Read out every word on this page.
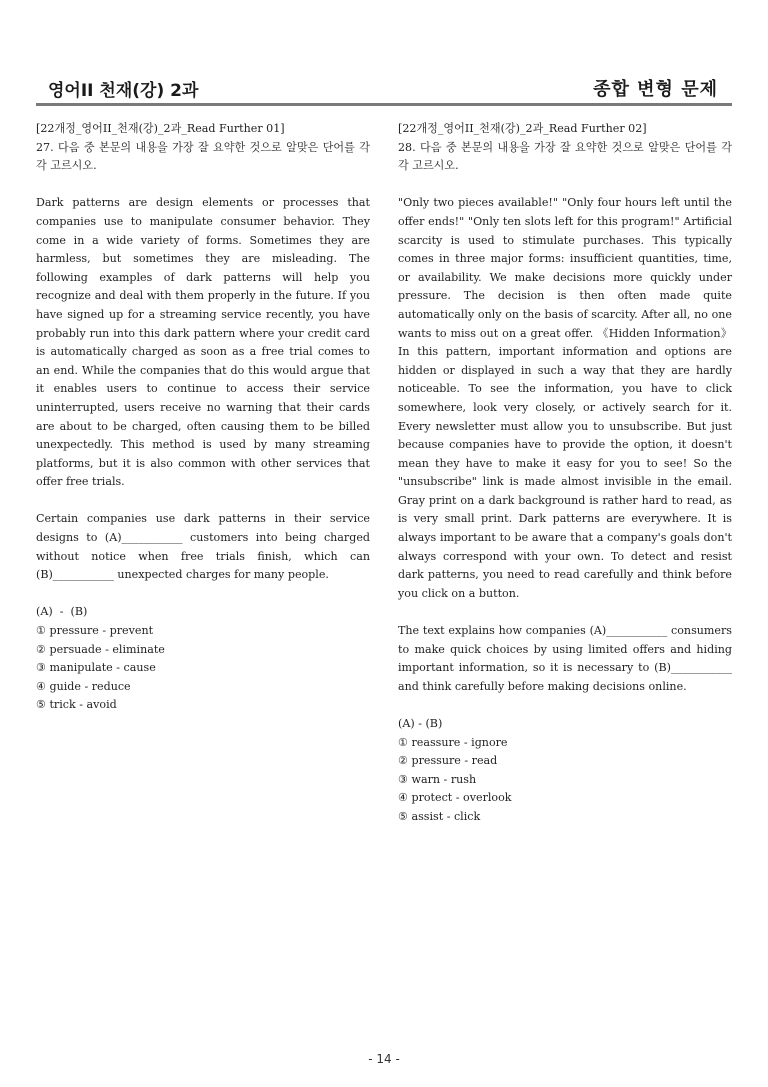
영어II 천재(강) 2과	종합 변형 문제

[22개정_영어II_천재(강)_2과_Read Further 01]

27. 다음 중 본문의 내용을 가장 잘 요약한 것으로 알맞은 단어를 각각 고르시오.

Dark patterns are design elements or processes that companies use to manipulate consumer behavior. They come in a wide variety of forms. Sometimes they are harmless, but sometimes they are misleading. The following examples of dark patterns will help you recognize and deal with them properly in the future. If you have signed up for a streaming service recently, you have probably run into this dark pattern where your credit card is automatically charged as soon as a free trial comes to an end. While the companies that do this would argue that it enables users to continue to access their service uninterrupted, users receive no warning that their cards are about to be charged, often causing them to be billed unexpectedly. This method is used by many streaming platforms, but it is also common with other services that offer free trials.

Certain companies use dark patterns in their service designs to (A)___________ customers into being charged without notice when free trials finish, which can (B)___________ unexpected charges for many people.

(A)  -  (B)

① pressure - prevent

② persuade - eliminate

③ manipulate - cause

④ guide - reduce

⑤ trick - avoid

[22개정_영어II_천재(강)_2과_Read Further 02]

28. 다음 중 본문의 내용을 가장 잘 요약한 것으로 알맞은 단어를 각각 고르시오.

"Only two pieces available!" "Only four hours left until the offer ends!" "Only ten slots left for this program!" Artificial scarcity is used to stimulate purchases. This typically comes in three major forms: insufficient quantities, time, or availability. We make decisions more quickly under pressure. The decision is then often made quite automatically only on the basis of scarcity. After all, no one wants to miss out on a great offer. 《Hidden Information》 In this pattern, important information and options are hidden or displayed in such a way that they are hardly noticeable. To see the information, you have to click somewhere, look very closely, or actively search for it. Every newsletter must allow you to unsubscribe. But just because companies have to provide the option, it doesn't mean they have to make it easy for you to see! So the "unsubscribe" link is made almost invisible in the email. Gray print on a dark background is rather hard to read, as is very small print. Dark patterns are everywhere. It is always important to be aware that a company's goals don't always correspond with your own. To detect and resist dark patterns, you need to read carefully and think before you click on a button.

The text explains how companies (A)___________ consumers to make quick choices by using limited offers and hiding important information, so it is necessary to (B)___________ and think carefully before making decisions online.

(A) - (B)

① reassure - ignore

② pressure - read

③ warn - rush

④ protect - overlook

⑤ assist - click

- 14 -
